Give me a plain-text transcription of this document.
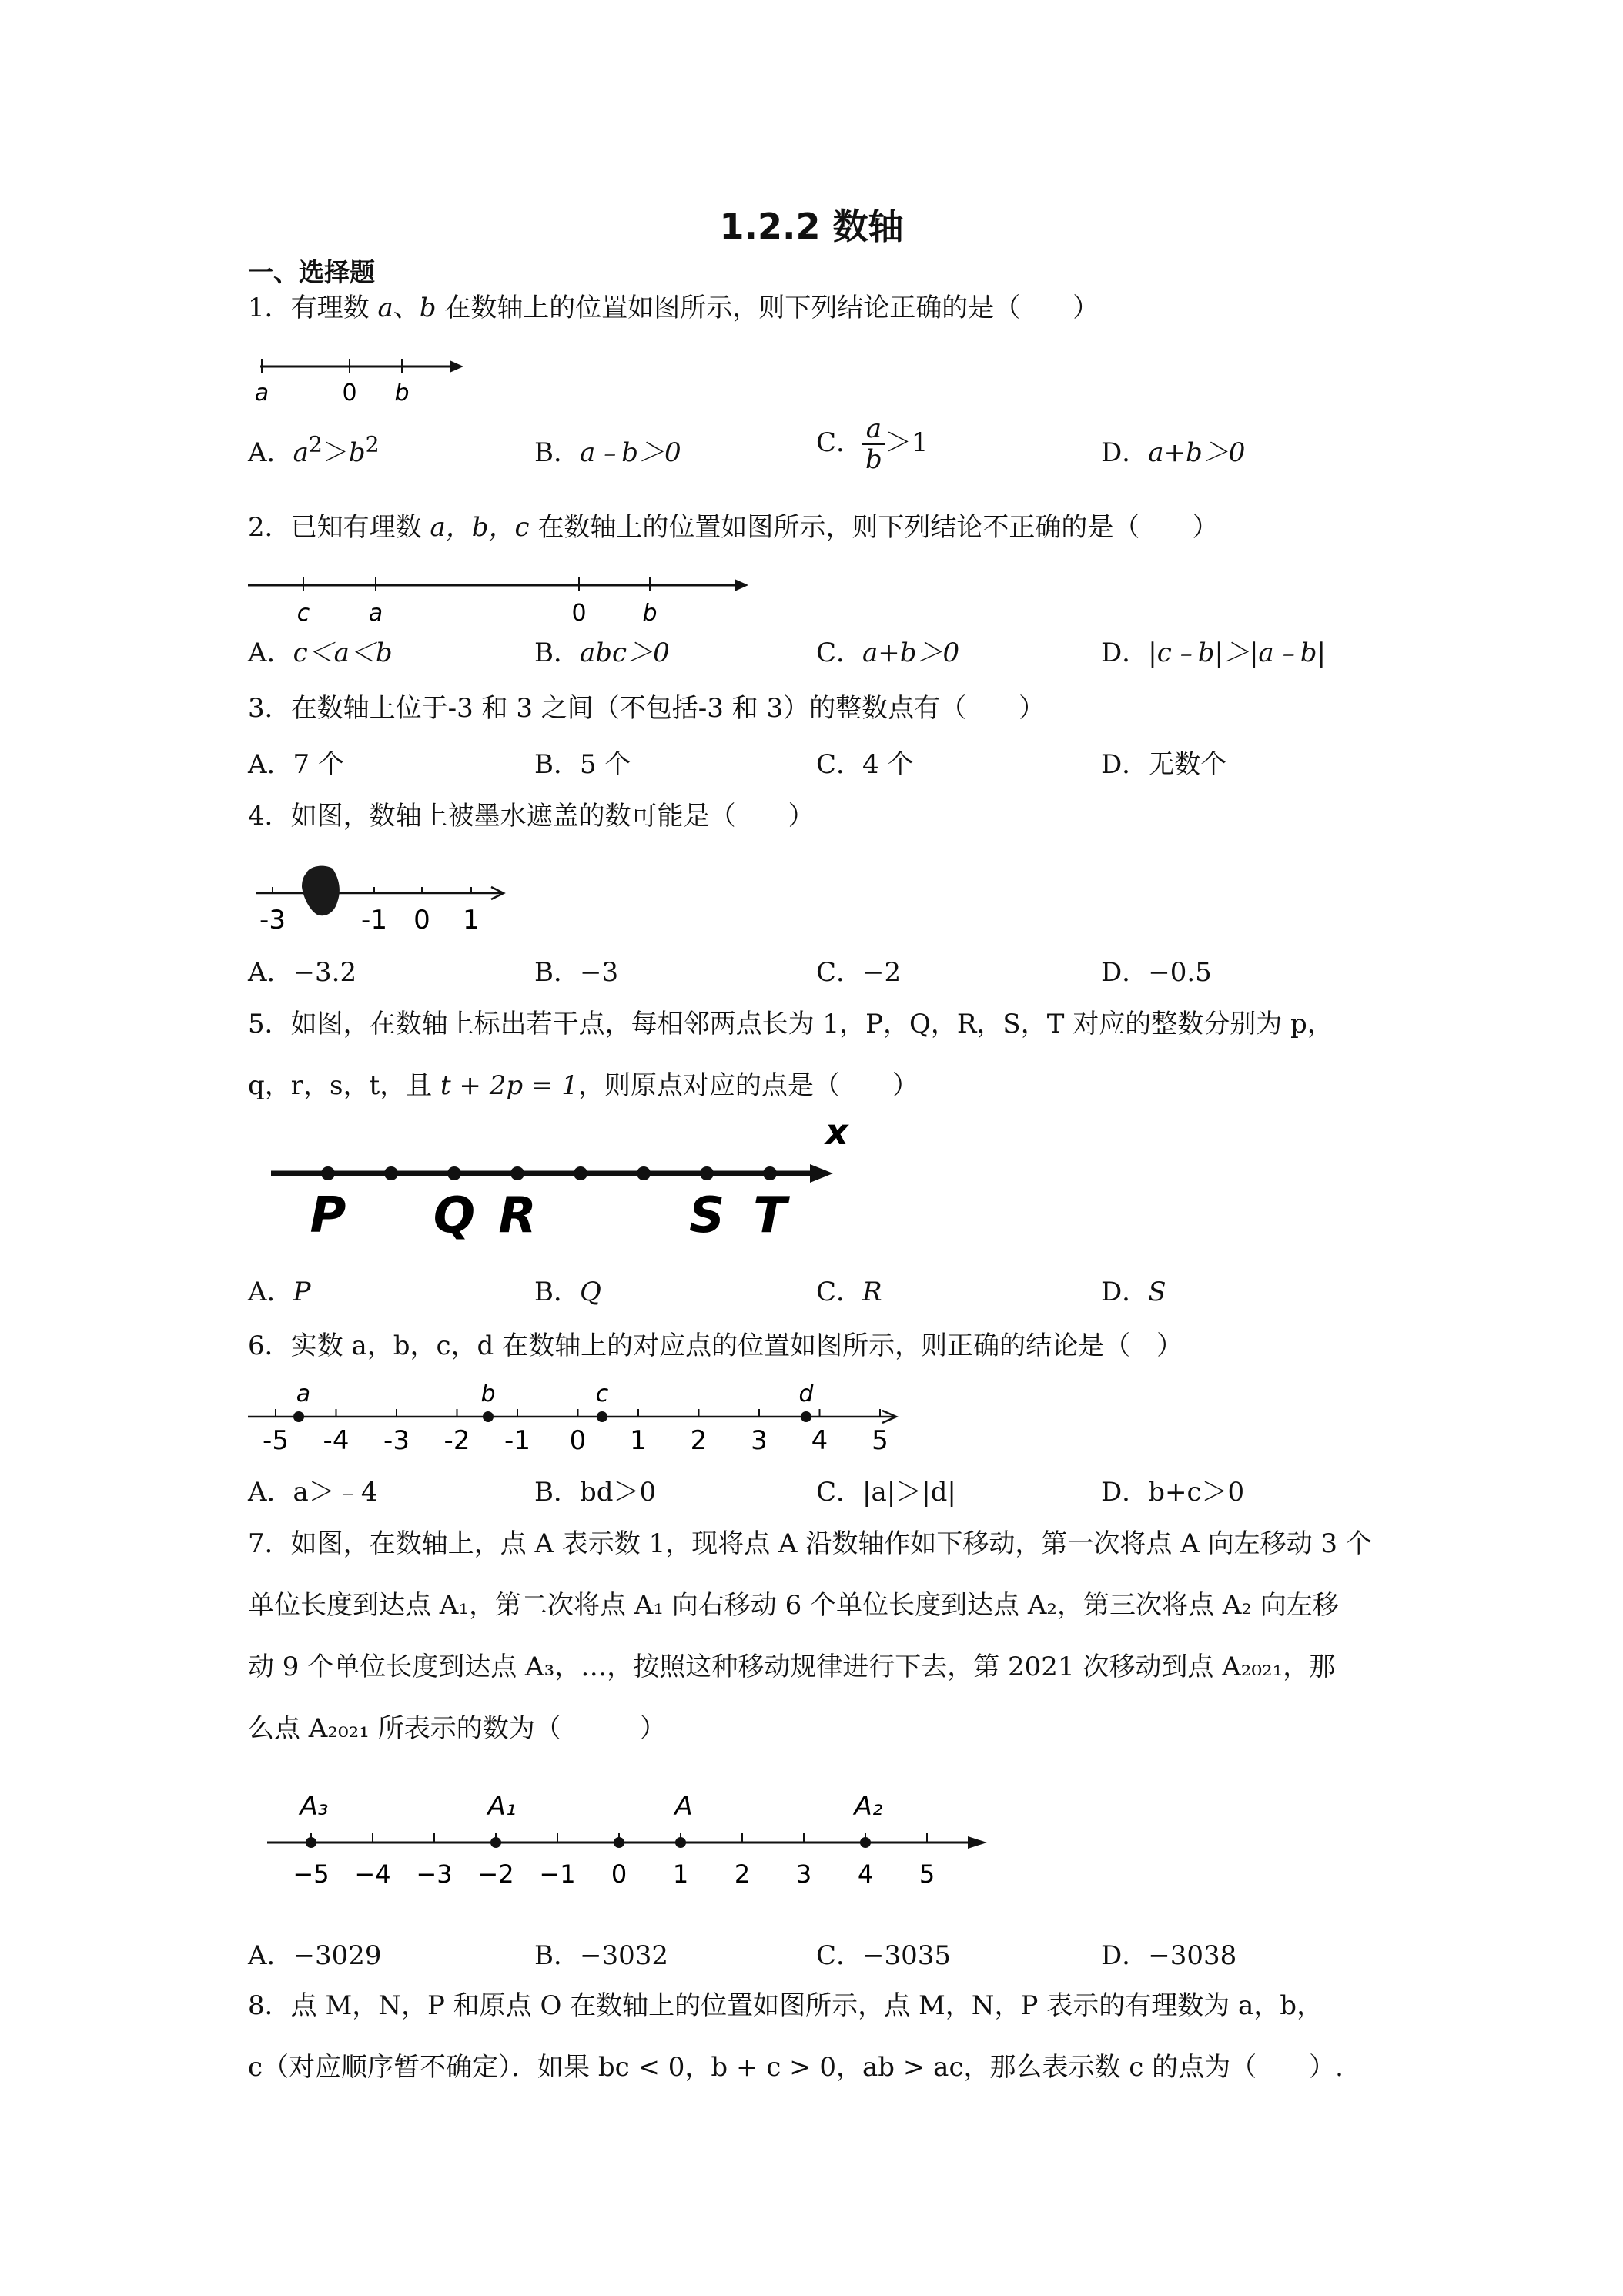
1.2.2 数轴
一、选择题
1．有理数 a、b 在数轴上的位置如图所示，则下列结论正确的是（　　）
a	0 b
A．$a^2>b^2$	B．a﹣b＞0	C． $\frac{a}{b} >1$	D．a+b＞0
2．已知有理数 a，b，c 在数轴上的位置如图所示，则下列结论不正确的是（　　）
c	a	0 b
A．c＜a＜b	B．abc＞0	C．a+b＞0	D．|c﹣b|＞|a﹣b|
3．在数轴上位于-3 和 3 之间（不包括-3 和 3）的整数点有（　　）
A．7 个	B．5 个	C．4 个	D．无数个
4．如图，数轴上被墨水遮盖的数可能是（　　）
-3	-1 0 1
A．−3.2	B．−3	C．−2	D．−0.5
5．如图，在数轴上标出若干点，每相邻两点长为 1，P，Q，R，S，T 对应的整数分别为 p，
q，r，s，t，且 t + 2p = 1，则原点对应的点是（　　）
x
P Q R	S T
A．P	B．Q	C．R	D．S
6．实数 a，b，c，d 在数轴上的对应点的位置如图所示，则正确的结论是（　）
-5 -4 -3 -2 -1 0 1 2 3 4 5
a	b	c	d
A．a＞﹣4	B．bd＞0	C．|a|＞|d|	D．b+c＞0
7．如图，在数轴上，点 A 表示数 1，现将点 A 沿数轴作如下移动，第一次将点 A 向左移动 3 个
单位长度到达点 A₁，第二次将点 A₁ 向右移动 6 个单位长度到达点 A₂，第三次将点 A₂ 向左移
动 9 个单位长度到达点 A₃，…，按照这种移动规律进行下去，第 2021 次移动到点 A₂₀₂₁，那
么点 A₂₀₂₁ 所表示的数为（　　　）
−5 −4 −3 −2 −1 0 1 2 3 4 5
A₃	A₁	A	A₂
A．−3029	B．−3032	C．−3035	D．−3038
8．点 M，N，P 和原点 O 在数轴上的位置如图所示，点 M，N，P 表示的有理数为 a，b，
c（对应顺序暂不确定）．如果 bc < 0，b + c > 0，ab > ac，那么表示数 c 的点为（　　）.
